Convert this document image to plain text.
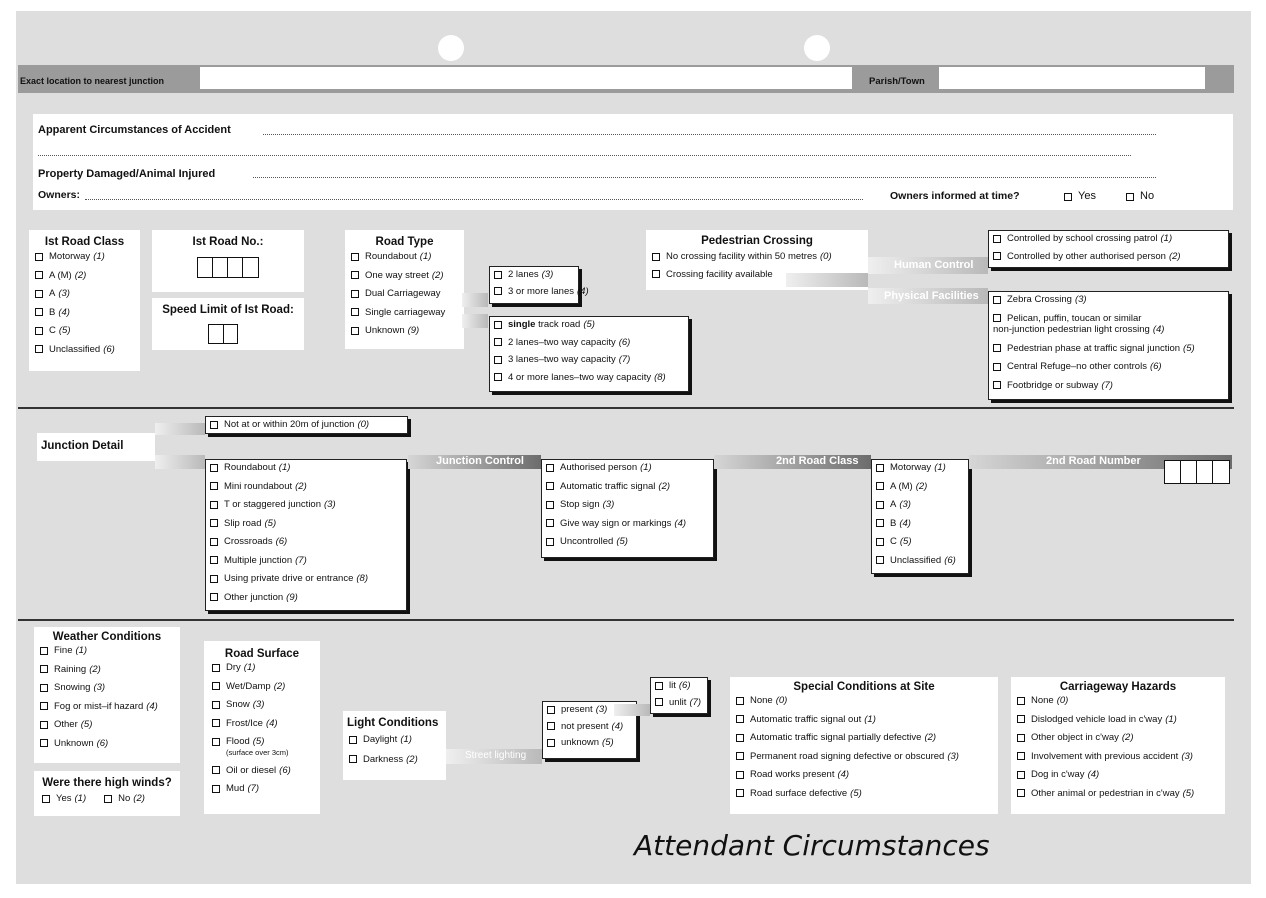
Exact location to nearest junction	Parish/Town
Apparent Circumstances of Accident
Property Damaged/Animal Injured
Owners:	Owners informed at time?	Yes	No
Ist Road Class
Motorway (1)
A (M) (2)
A (3)
B (4)
C (5)
Unclassified (6)
Ist Road No.:
Speed Limit of Ist Road:
Road Type
Roundabout (1)
One way street (2)
Dual Carriageway
Single carriageway
Unknown (9)
2 lanes (3)
3 or more lanes (4)
single track road (5)
2 lanes–two way capacity (6)
3 lanes–two way capacity (7)
4 or more lanes–two way capacity (8)
Pedestrian Crossing
No crossing facility within 50 metres (0)
Crossing facility available
Human Control
Physical Facilities
Controlled by school crossing patrol (1)
Controlled by other authorised person (2)
Zebra Crossing (3)
Pelican, puffin, toucan or similar
non-junction pedestrian light crossing (4)
Pedestrian phase at traffic signal junction (5)
Central Refuge–no other controls (6)
Footbridge or subway (7)
Junction Detail
Not at or within 20m of junction (0)
Roundabout (1)
Mini roundabout (2)
T or staggered junction (3)
Slip road (5)
Crossroads (6)
Multiple junction (7)
Using private drive or entrance (8)
Other junction (9)
Junction Control
Authorised person (1)
Automatic traffic signal (2)
Stop sign (3)
Give way sign or markings (4)
Uncontrolled (5)
2nd Road Class
Motorway (1)
A (M) (2)
A (3)
B (4)
C (5)
Unclassified (6)
2nd Road Number
Weather Conditions
Fine (1)
Raining (2)
Snowing (3)
Fog or mist–if hazard (4)
Other (5)
Unknown (6)
Were there high winds?
Yes (1)	No (2)
Road Surface
Dry (1)
Wet/Damp (2)
Snow (3)
Frost/Ice (4)
Flood (5)
(surface over 3cm)
Oil or diesel (6)
Mud (7)
Light Conditions
Daylight (1)
Darkness (2)	Street lighting
present (3)
not present (4)
unknown (5)
lit (6)
unlit (7)
Special Conditions at Site
None (0)
Automatic traffic signal out (1)
Automatic traffic signal partially defective (2)
Permanent road signing defective or obscured (3)
Road works present (4)
Road surface defective (5)
Carriageway Hazards
None (0)
Dislodged vehicle load in c'way (1)
Other object in c'way (2)
Involvement with previous accident (3)
Dog in c'way (4)
Other animal or pedestrian in c'way (5)
Attendant Circumstances
